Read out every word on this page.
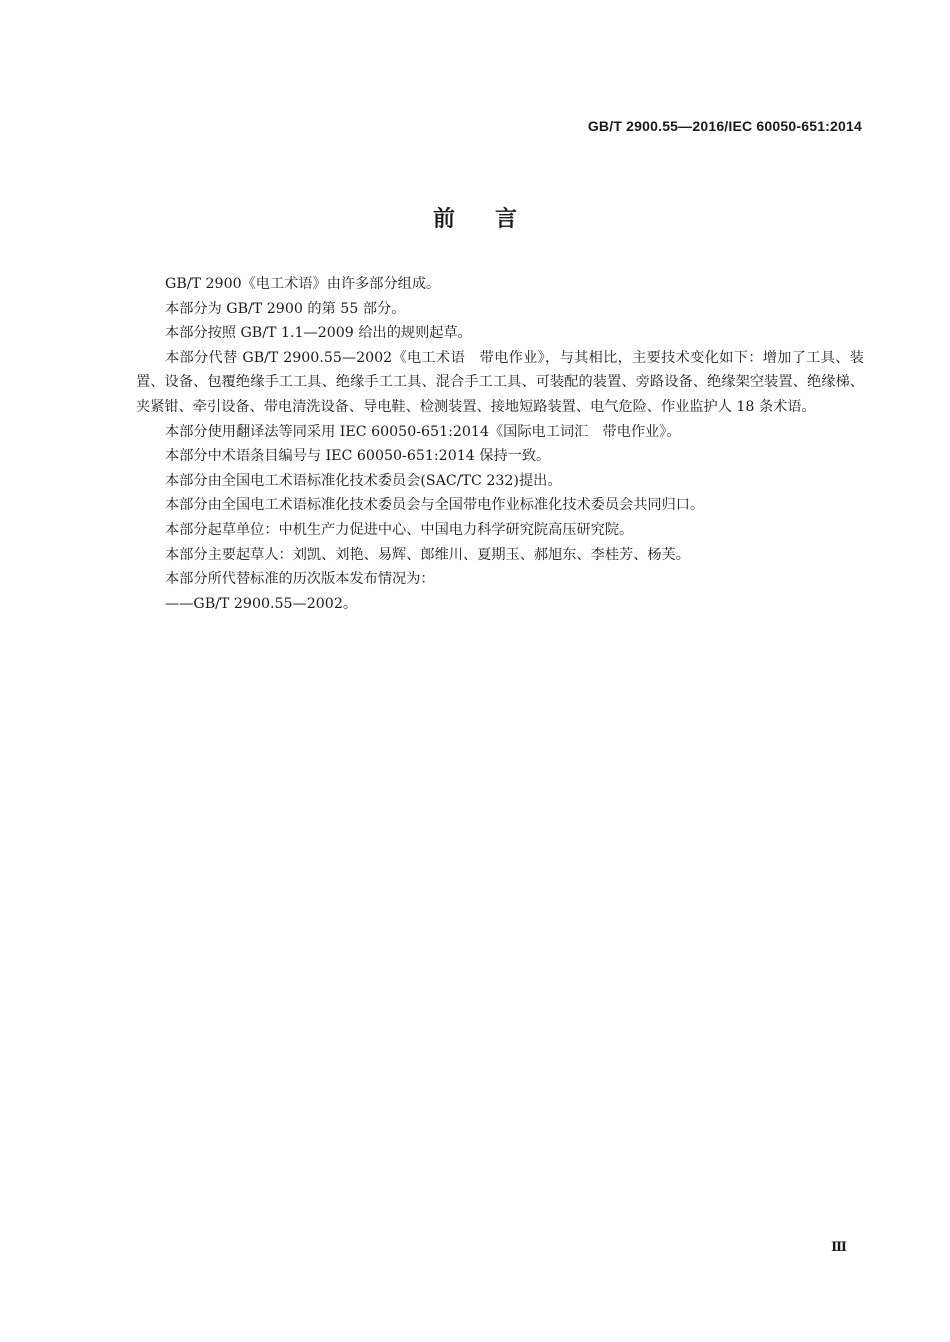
GB/T 2900.55—2016/IEC 60050-651:2014
前言

GB/T 2900《电工术语》由许多部分组成。

本部分为 GB/T 2900 的第 55 部分。

本部分按照 GB/T 1.1—2009 给出的规则起草。

本部分代替 GB/T 2900.55—2002《电工术语　带电作业》，与其相比，主要技术变化如下：增加了工具、装置、设备、包覆绝缘手工工具、绝缘手工工具、混合手工工具、可装配的装置、旁路设备、绝缘架空装置、绝缘梯、夹紧钳、牵引设备、带电清洗设备、导电鞋、检测装置、接地短路装置、电气危险、作业监护人 18 条术语。

本部分使用翻译法等同采用 IEC 60050-651:2014《国际电工词汇　带电作业》。

本部分中术语条目编号与 IEC 60050-651:2014 保持一致。

本部分由全国电工术语标准化技术委员会(SAC/TC 232)提出。

本部分由全国电工术语标准化技术委员会与全国带电作业标准化技术委员会共同归口。

本部分起草单位：中机生产力促进中心、中国电力科学研究院高压研究院。

本部分主要起草人：刘凯、刘艳、易辉、郎维川、夏期玉、郝旭东、李桂芳、杨芙。

本部分所代替标准的历次版本发布情况为：

——GB/T 2900.55—2002。

Ⅲ
